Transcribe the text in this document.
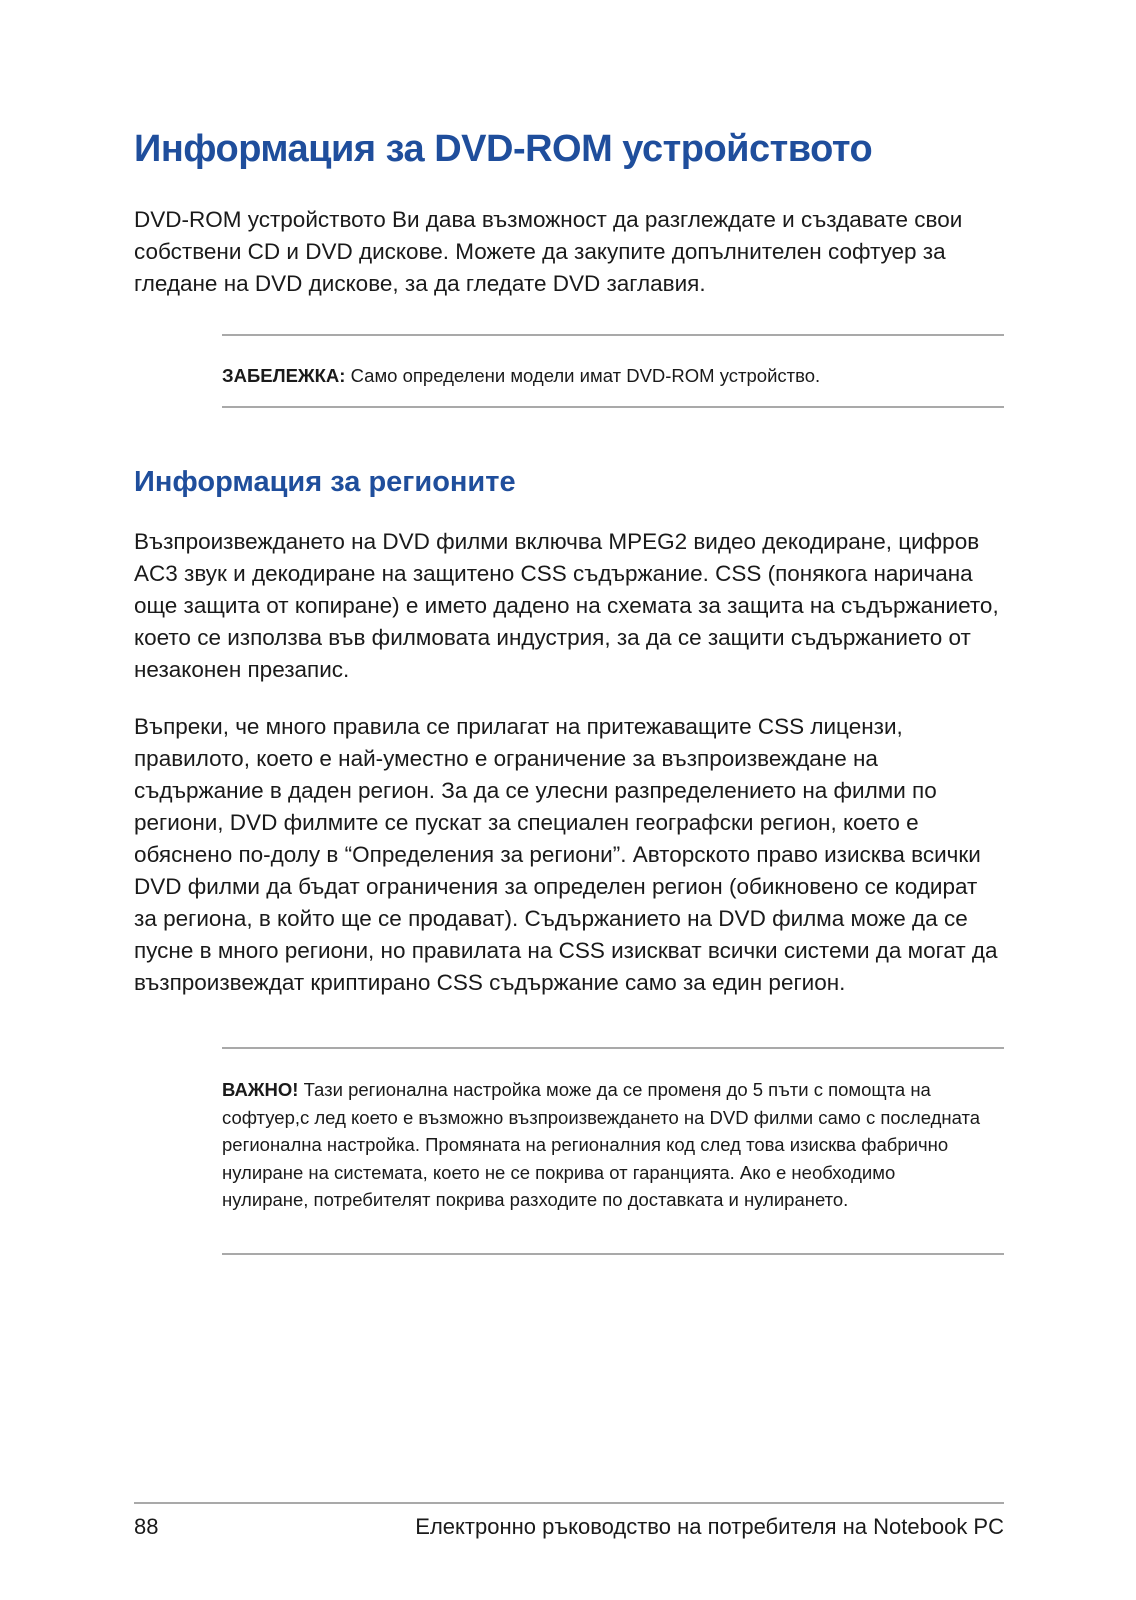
Информация за DVD-ROM устройството

DVD-ROM устройството Ви дава възможност да разглеждате и създавате свои собствени CD и DVD дискове. Можете да закупите допълнителен софтуер за гледане на DVD дискове, за да гледате DVD заглавия.

ЗАБЕЛЕЖКА: Само определени модели имат DVD-ROM устройство.

Информация за регионите

Възпроизвеждането на DVD филми включва MPEG2 видео декодиране, цифров AC3 звук и декодиране на защитено CSS съдържание. CSS (понякога наричана още защита от копиране) е името дадено на схемата за защита на съдържанието, което се използва във филмовата индустрия, за да се защити съдържанието от незаконен презапис.

Въпреки, че много правила се прилагат на притежаващите CSS лицензи, правилото, което е най-уместно е ограничение за възпроизвеждане на съдържание в даден регион. За да се улесни разпределението на филми по региони, DVD филмите се пускат за специален географски регион, което е обяснено по-долу в “Определения за региони”. Авторското право изисква всички DVD филми да бъдат ограничения за определен регион (обикновено се кодират за региона, в който ще се продават). Съдържанието на DVD филма може да се пусне в много региони, но правилата на CSS изискват всички системи да могат да възпроизвеждат криптирано CSS съдържание само за един регион.

ВАЖНО! Тази регионална настройка може да се променя до 5 пъти с помощта на софтуер,с лед което е възможно възпроизвеждането на DVD филми само с последната регионална настройка. Промяната на регионалния код след това изисква фабрично нулиране на системата, което не се покрива от гаранцията. Ако е необходимо нулиране, потребителят покрива разходите по доставката и нулирането.

88	Електронно ръководство на потребителя на Notebook PC
